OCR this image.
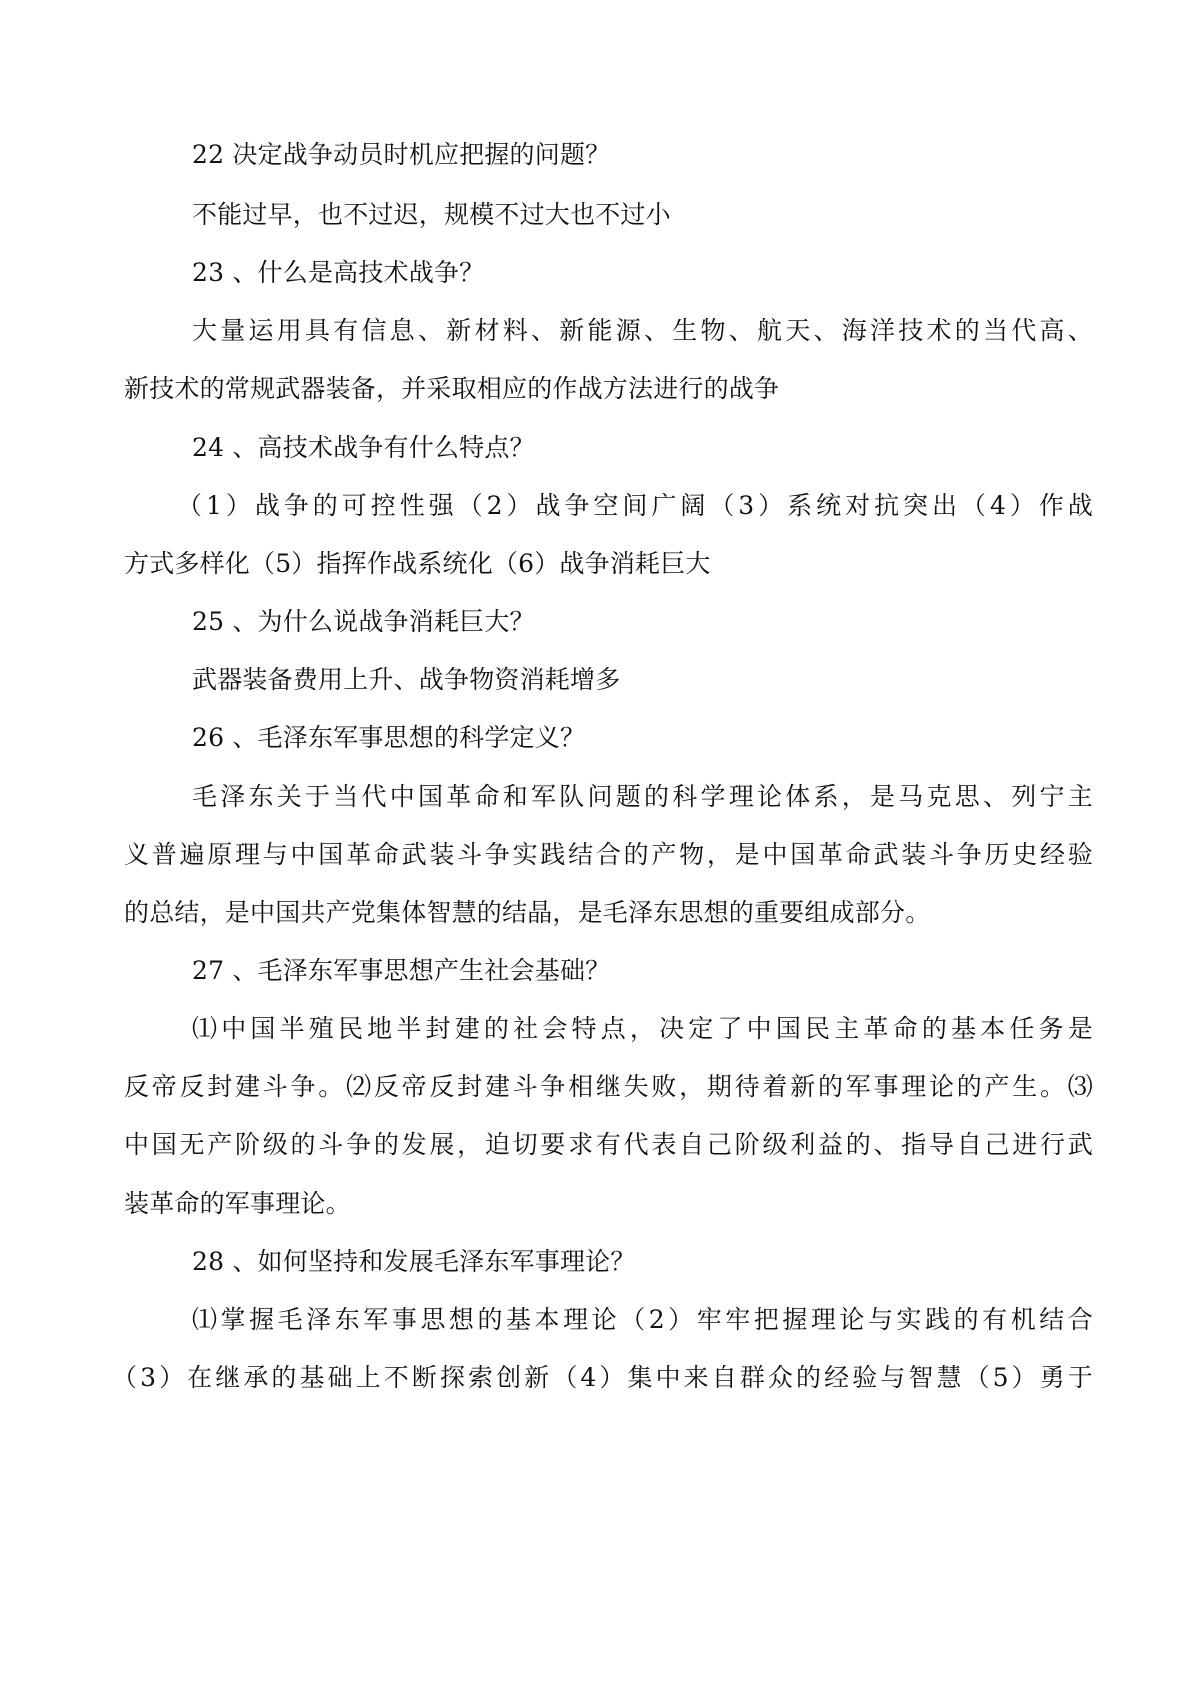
22 决定战争动员时机应把握的问题？
不能过早，也不过迟，规模不过大也不过小
23 、什么是高技术战争？
大量运用具有信息、新材料、新能源、生物、航天、海洋技术的当代高、
新技术的常规武器装备，并采取相应的作战方法进行的战争
24 、高技术战争有什么特点？
（1）战争的可控性强（2）战争空间广阔（3）系统对抗突出（4）作战
方式多样化（5）指挥作战系统化（6）战争消耗巨大
25 、为什么说战争消耗巨大？
武器装备费用上升、战争物资消耗增多
26 、毛泽东军事思想的科学定义？
毛泽东关于当代中国革命和军队问题的科学理论体系，是马克思、列宁主
义普遍原理与中国革命武装斗争实践结合的产物，是中国革命武装斗争历史经验
的总结，是中国共产党集体智慧的结晶，是毛泽东思想的重要组成部分。
27 、毛泽东军事思想产生社会基础？
⑴中国半殖民地半封建的社会特点，决定了中国民主革命的基本任务是
反帝反封建斗争。⑵反帝反封建斗争相继失败，期待着新的军事理论的产生。⑶
中国无产阶级的斗争的发展，迫切要求有代表自己阶级利益的、指导自己进行武
装革命的军事理论。
28 、如何坚持和发展毛泽东军事理论？
⑴掌握毛泽东军事思想的基本理论（2）牢牢把握理论与实践的有机结合
（3）在继承的基础上不断探索创新（4）集中来自群众的经验与智慧（5）勇于
